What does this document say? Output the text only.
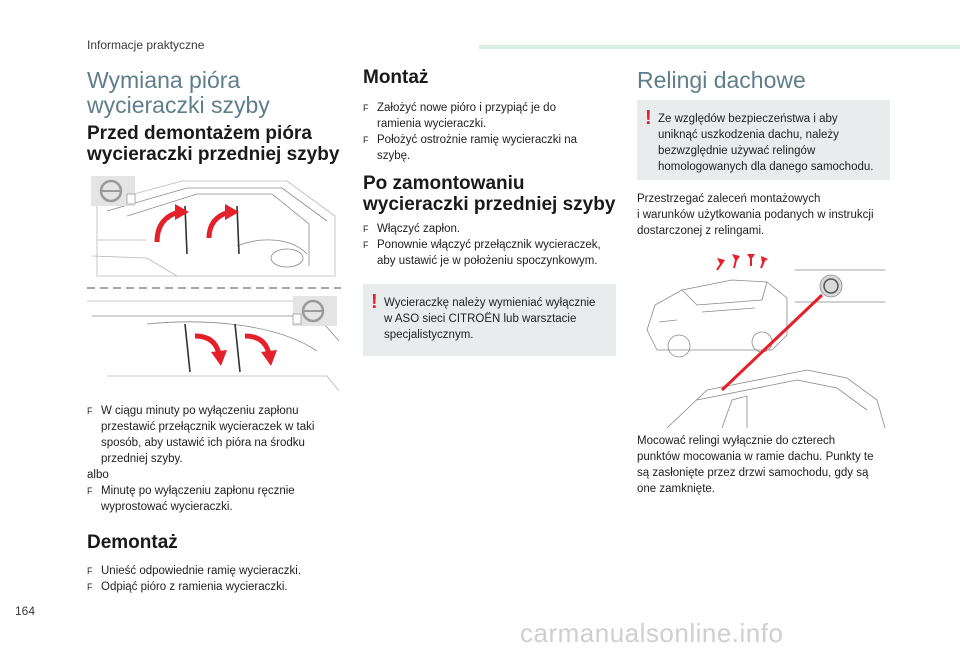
Informacje praktyczne
Wymiana pióra
wycieraczki szyby
Przed demontażem pióra
wycieraczki przedniej szyby
F W ciągu minuty po wyłączeniu zapłonu
przestawić przełącznik wycieraczek w taki
sposób, aby ustawić ich pióra na środku
przedniej szyby.
albo
F Minutę po wyłączeniu zapłonu ręcznie
wyprostować wycieraczki.
Demontaż
F Unieść odpowiednie ramię wycieraczki.
F Odpiąć pióro z ramienia wycieraczki.
Montaż
F Założyć nowe pióro i przypiąć je do
ramienia wycieraczki.
F Położyć ostrożnie ramię wycieraczki na
szybę.
Po zamontowaniu
wycieraczki przedniej szyby
F Włączyć zapłon.
F Ponownie włączyć przełącznik wycieraczek,
aby ustawić je w położeniu spoczynkowym.
! Wycieraczkę należy wymieniać wyłącznie
w ASO sieci CITROËN lub warsztacie
specjalistycznym.
Relingi dachowe
! Ze względów bezpieczeństwa i aby
uniknąć uszkodzenia dachu, należy
bezwzględnie używać relingów
homologowanych dla danego samochodu.
Przestrzegać zaleceń montażowych
i warunków użytkowania podanych w instrukcji
dostarczonej z relingami.
Mocować relingi wyłącznie do czterech
punktów mocowania w ramie dachu. Punkty te
są zasłonięte przez drzwi samochodu, gdy są
one zamknięte.
164
carmanualsonline.info
